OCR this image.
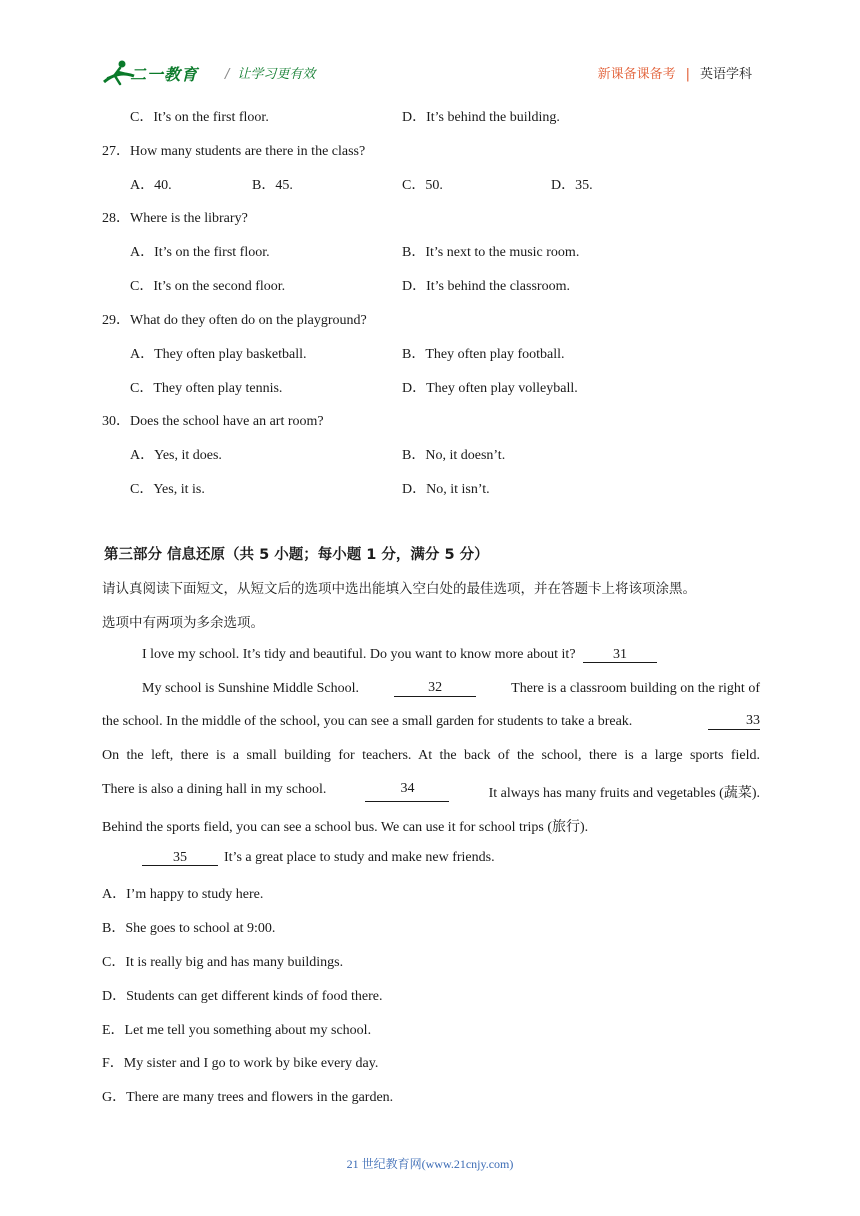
二一教育 / 让学习更有效	新课备课备考 | 英语学科
C．It’s on the first floor.	D．It’s behind the building.
27．How many students are there in the class?
A．40.	B．45.	C．50.	D．35.
28．Where is the library?
A．It’s on the first floor.	B．It’s next to the music room.
C．It’s on the second floor.	D．It’s behind the classroom.
29．What do they often do on the playground?
A．They often play basketball.	B．They often play football.
C．They often play tennis.	D．They often play volleyball.
30．Does the school have an art room?
A．Yes, it does.	B．No, it doesn’t.
C．Yes, it is.	D．No, it isn’t.
第三部分 信息还原（共 5 小题；每小题 1 分，满分 5 分）
请认真阅读下面短文，从短文后的选项中选出能填入空白处的最佳选项，并在答题卡上将该项涂黑。
选项中有两项为多余选项。
I love my school. It’s tidy and beautiful. Do you want to know more about it?	31
My school is Sunshine Middle School.	32	There is a classroom building on the right of
the school. In the middle of the school, you can see a small garden for students to take a break.	33
On the left, there is a small building for teachers. At the back of the school, there is a large sports field.
There is also a dining hall in my school.	34	It always has many fruits and vegetables (蔬菜).
Behind the sports field, you can see a school bus. We can use it for school trips (旅行).
35	It’s a great place to study and make new friends.
A．I’m happy to study here.
B．She goes to school at 9:00.
C．It is really big and has many buildings.
D．Students can get different kinds of food there.
E．Let me tell you something about my school.
F．My sister and I go to work by bike every day.
G．There are many trees and flowers in the garden.
21 世纪教育网(www.21cnjy.com)
